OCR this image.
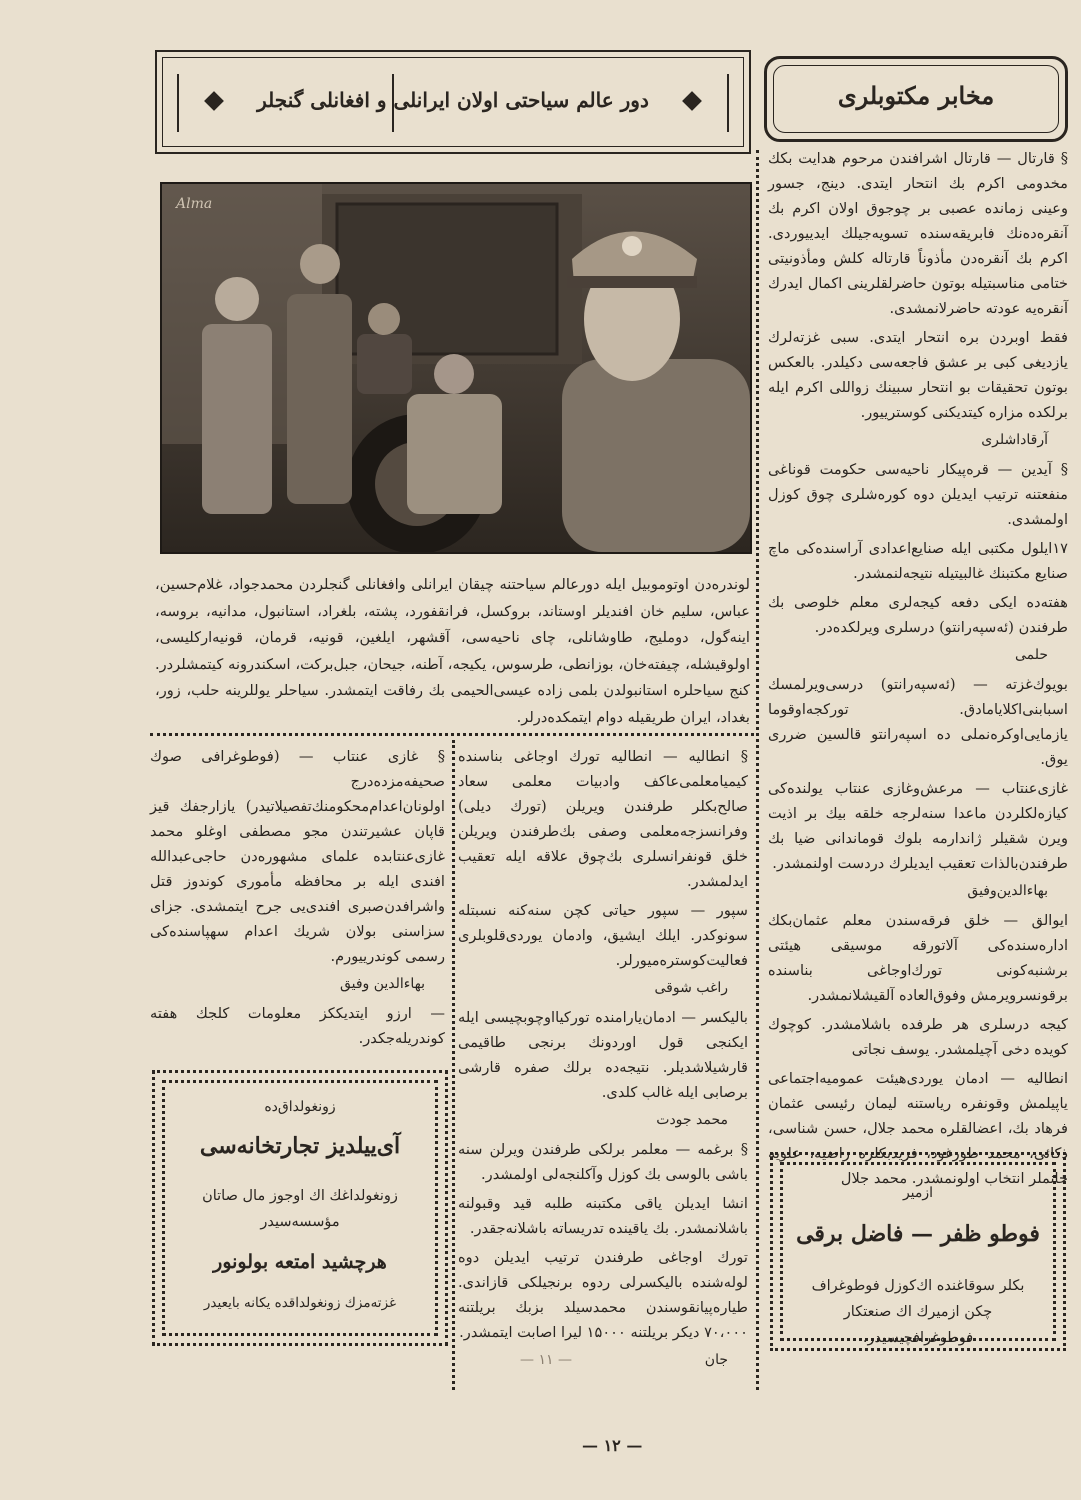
مخابر مکتوبلری
دور عالم سیاحتی اولان ایرانلی و افغانلی گنجلر
Alma
لوندره‌دن اوتوموبیل ایله دورعالم سیاحتنه چیقان ایرانلی وافغانلی گنجلردن محمدجواد، غلام‌حسین، عباس، سلیم خان افندیلر اوستاند، بروکسل، فرانقفورد، پشته، بلغراد، استانبول، مدانیه، بروسه، اینه‌گول، دوملیج، طاوشانلی، چای ناحیه‌سی، آقشهر، ایلغین، قونیه، قرمان، قونیه‌ارکلیسی، اولوقیشله، چیفته‌خان، بوزانطی، طرسوس، یکیجه، آطنه، جیحان، جبل‌برکت، اسکندرونه کیتمشلردر. کنج سیاحلره استانبولدن بلمی زاده عیسی‌الحیمی بك رفاقت ایتمشدر. سیاحلر یوللرینه حلب، زور، بغداد، ایران طریقیله دوام ایتمکده‌درلر.

§ قارتال — قارتال اشرافندن مرحوم هدایت بکك مخدومی اکرم بك انتحار ایتدی. دینج، جسور وعینی زمانده عصبی بر چوجوق اولان اکرم بك آنقره‌ده‌نك فابریقه‌سنده تسویه‌جیلك ایدییوردی. اکرم بك آنقره‌دن مأذوناً قارتاله کلش ومأذونیتی ختامی مناسبتیله بوتون حاضرلقلرینی اکمال ایدرك آنقره‌یه عودته حاضرلانمشدی.

فقط اوبردن بره انتحار ایتدی. سبی غزته‌لرك یازدیغی کبی بر عشق فاجعه‌سی دکیلدر. بالعکس بوتون تحقیقات بو انتحار سبینك زواللی اکرم ایله برلکده مزاره کیتدیکنی کوسترییور.

آرقاداشلری

§ آیدین — قره‌پیکار ناحیه‌سی حکومت قوناغی منفعتنه ترتیب ایدیلن دوه کوره‌شلری چوق کوزل اولمشدی.

۱۷ایلول مکتبی ایله صنایع‌اعدادی آراسنده‌کی ماچ صنایع مکتبنك غالبیتیله نتیجه‌لنمشدر.

هفته‌ده ایکی دفعه کیجه‌لری معلم خلوصی بك طرفندن (ئه‌سپه‌رانتو) درسلری ویرلکده‌در.

حلمی

بویوك‌غزته — (ئه‌سپه‌رانتو) درسی‌ویرلمسك اسبابنی‌اکلایامادق. تورکجه‌اوقوما یازمایی‌اوکره‌نملی ده اسپه‌رانتو قالسین ضرری یوق.

غازی‌عنتاب — مرعش‌وغازی عنتاب یولنده‌کی کیازه‌لکلردن ماعدا سنه‌لرجه خلقه بیك بر اذیت ویرن شقیلر ژاندارمه بلوك قوماندانی ضیا بك طرفندن‌بالذات تعقیب ایدیلرك دردست اولنمشدر.

بهاءالدین‌وفیق

ایوالق — خلق فرقه‌سندن معلم عثمان‌بکك اداره‌سنده‌کی آلاتورقه موسیقی هیئتی برشنبه‌کونی تورك‌اوجاغی بناسنده برقونسرویرمش وفوق‌العاده آلقیشلانمشدر.

کیجه درسلری هر طرفده باشلامشدر. کوچوك کویده دخی آچیلمشدر. یوسف نجاتی

انطالیه — ادمان یوردی‌هیئت عمومیه‌اجتماعی یاپیلمش وقونفره ریاستنه لیمان رئیسی عثمان فرهاد بك، اعضالقلره محمد جلال، حسن شناسی، ذکائی، محمد طورغود، فریدبکلره راضیه، علویه خانملر انتخاب اولونمشدر. محمد جلال

§ انطالیه — انطالیه تورك اوجاغی بناسنده کیمیامعلمی‌عاکف وادبیات معلمی سعاد صالح‌بکلر طرفندن ویریلن (تورك دیلی) وفرانسزجه‌معلمی وصفی بك‌طرفندن ویریلن خلق قونفرانسلری بك‌چوق علاقه ایله تعقیب ایدلمشدر.

سپور — سپور حیاتی کچن سنه‌کنه نسبتله سونوکدر. ایلك ایشیق، وادمان یوردی‌قلوبلری فعالیت‌کوستره‌میورلر.

راغب شوقی

بالیکسر — ادمان‌یارامنده تورکیااوچوبچیسی ایله ایکنجی قول اوردونك برنجی طاقیمی قارشیلاشدیلر. نتیجه‌ده برلك صفره قارشی برصابی ایله غالب کلدی.

محمد جودت

§ برغمه — معلمر برلکی طرفندن ویرلن سنه باشی بالوسی بك کوزل وآکلنجه‌لی اولمشدر.

انشا ایدیلن یاقی مکتبنه طلبه قید وقبولنه باشلانمشدر. بك یاقینده تدریساته باشلانه‌جقدر.

تورك اوجاغی طرفندن ترتیب ایدیلن دوه لوله‌شنده بالیکسرلی ردوه برنجیلکی قازاندی. طیاره‌پیانقوسندن محمدسیلد بزبك بریلتنه ۷۰،۰۰۰ دیکر بریلتنه ۱۵۰۰۰ لیرا اصابت ایتمشدر.

جان

§ غازی عنتاب — (فوطوغرافی صوك صحیفه‌مزده‌درج اولونان‌اعدام‌محکومنك‌تفصیلاتیدر) یازارجفك قیز قاپان عشیرتندن مجو مصطفی اوغلو محمد غازی‌عنتابده علمای مشهوره‌دن حاجی‌عبدالله افندی ایله بر محافظه مأموری کوندوز قتل واشرافدن‌صبری افندی‌یی جرح ایتمشدی. جزای سزاسنی بولان شریك اعدام سهپاسنده‌کی رسمی کوندرییورم.

بهاءالدین وفیق

— ارزو ایتدیککز معلومات کلجك هفته کوندریله‌جکدر.

زونغولداق‌ده
آی‌ییلدیز تجارتخانه‌سی
زونغولداغك اك اوجوز مال صاتان مؤسسه‌سیدر
هرچشید امتعه بولونور
غزته‌مزك زونغولداقده یکانه بایعیدر
ازمیر
فوطو ظفر — فاضل برقی
بکلر سوقاغنده اك‌کوزل فوطوغراف چکن ازمیرك اك صنعتکار فوطوغرافچیسیدر.
— ١١ —
— ١٢ —
